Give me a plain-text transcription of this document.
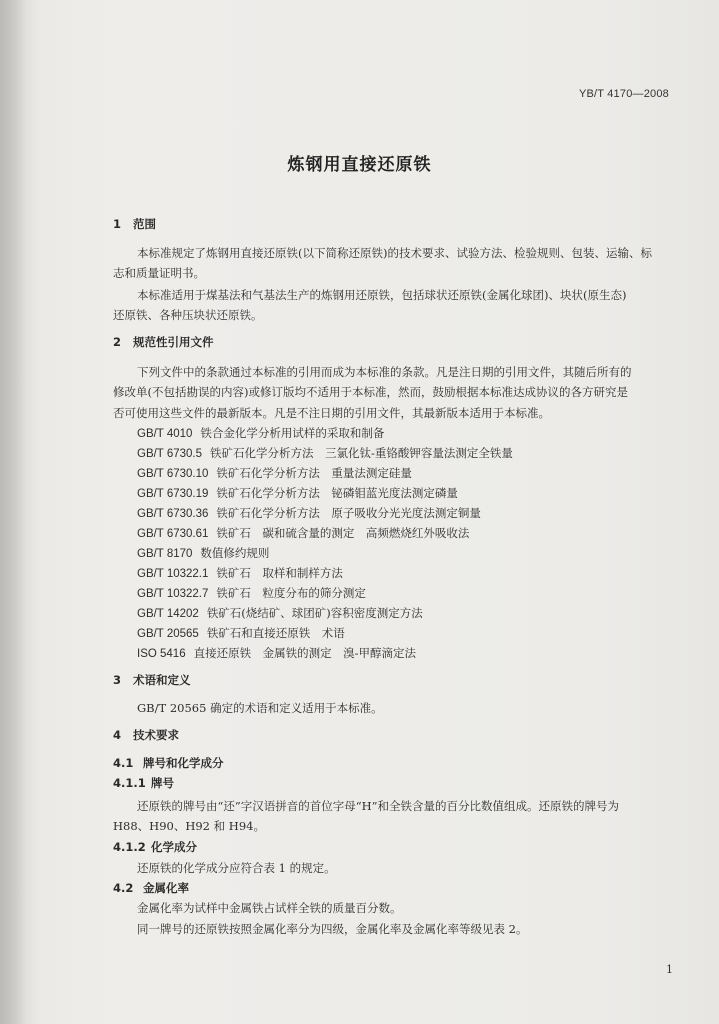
YB/T 4170—2008
炼钢用直接还原铁
1 范围
本标准规定了炼钢用直接还原铁(以下简称还原铁)的技术要求、试验方法、检验规则、包装、运输、标
志和质量证明书。
本标准适用于煤基法和气基法生产的炼钢用还原铁，包括球状还原铁(金属化球团)、块状(原生态)
还原铁、各种压块状还原铁。
2 规范性引用文件
下列文件中的条款通过本标准的引用而成为本标准的条款。凡是注日期的引用文件，其随后所有的
修改单(不包括勘误的内容)或修订版均不适用于本标准，然而，鼓励根据本标准达成协议的各方研究是
否可使用这些文件的最新版本。凡是不注日期的引用文件，其最新版本适用于本标准。
GB/T 4010 铁合金化学分析用试样的采取和制备
GB/T 6730.5 铁矿石化学分析方法　三氯化钛-重铬酸钾容量法测定全铁量
GB/T 6730.10 铁矿石化学分析方法　重量法测定硅量
GB/T 6730.19 铁矿石化学分析方法　铋磷钼蓝光度法测定磷量
GB/T 6730.36 铁矿石化学分析方法　原子吸收分光光度法测定铜量
GB/T 6730.61 铁矿石　碳和硫含量的测定　高频燃烧红外吸收法
GB/T 8170 数值修约规则
GB/T 10322.1 铁矿石　取样和制样方法
GB/T 10322.7 铁矿石　粒度分布的筛分测定
GB/T 14202 铁矿石(烧结矿、球团矿)容积密度测定方法
GB/T 20565 铁矿石和直接还原铁　术语
ISO 5416 直接还原铁　金属铁的测定　溴-甲醇滴定法
3 术语和定义
GB/T 20565 确定的术语和定义适用于本标准。
4 技术要求
4.1 牌号和化学成分
4.1.1 牌号
还原铁的牌号由“还”字汉语拼音的首位字母“H”和全铁含量的百分比数值组成。还原铁的牌号为
H88、H90、H92 和 H94。
4.1.2 化学成分
还原铁的化学成分应符合表 1 的规定。
4.2 金属化率
金属化率为试样中金属铁占试样全铁的质量百分数。
同一牌号的还原铁按照金属化率分为四级，金属化率及金属化率等级见表 2。
1
